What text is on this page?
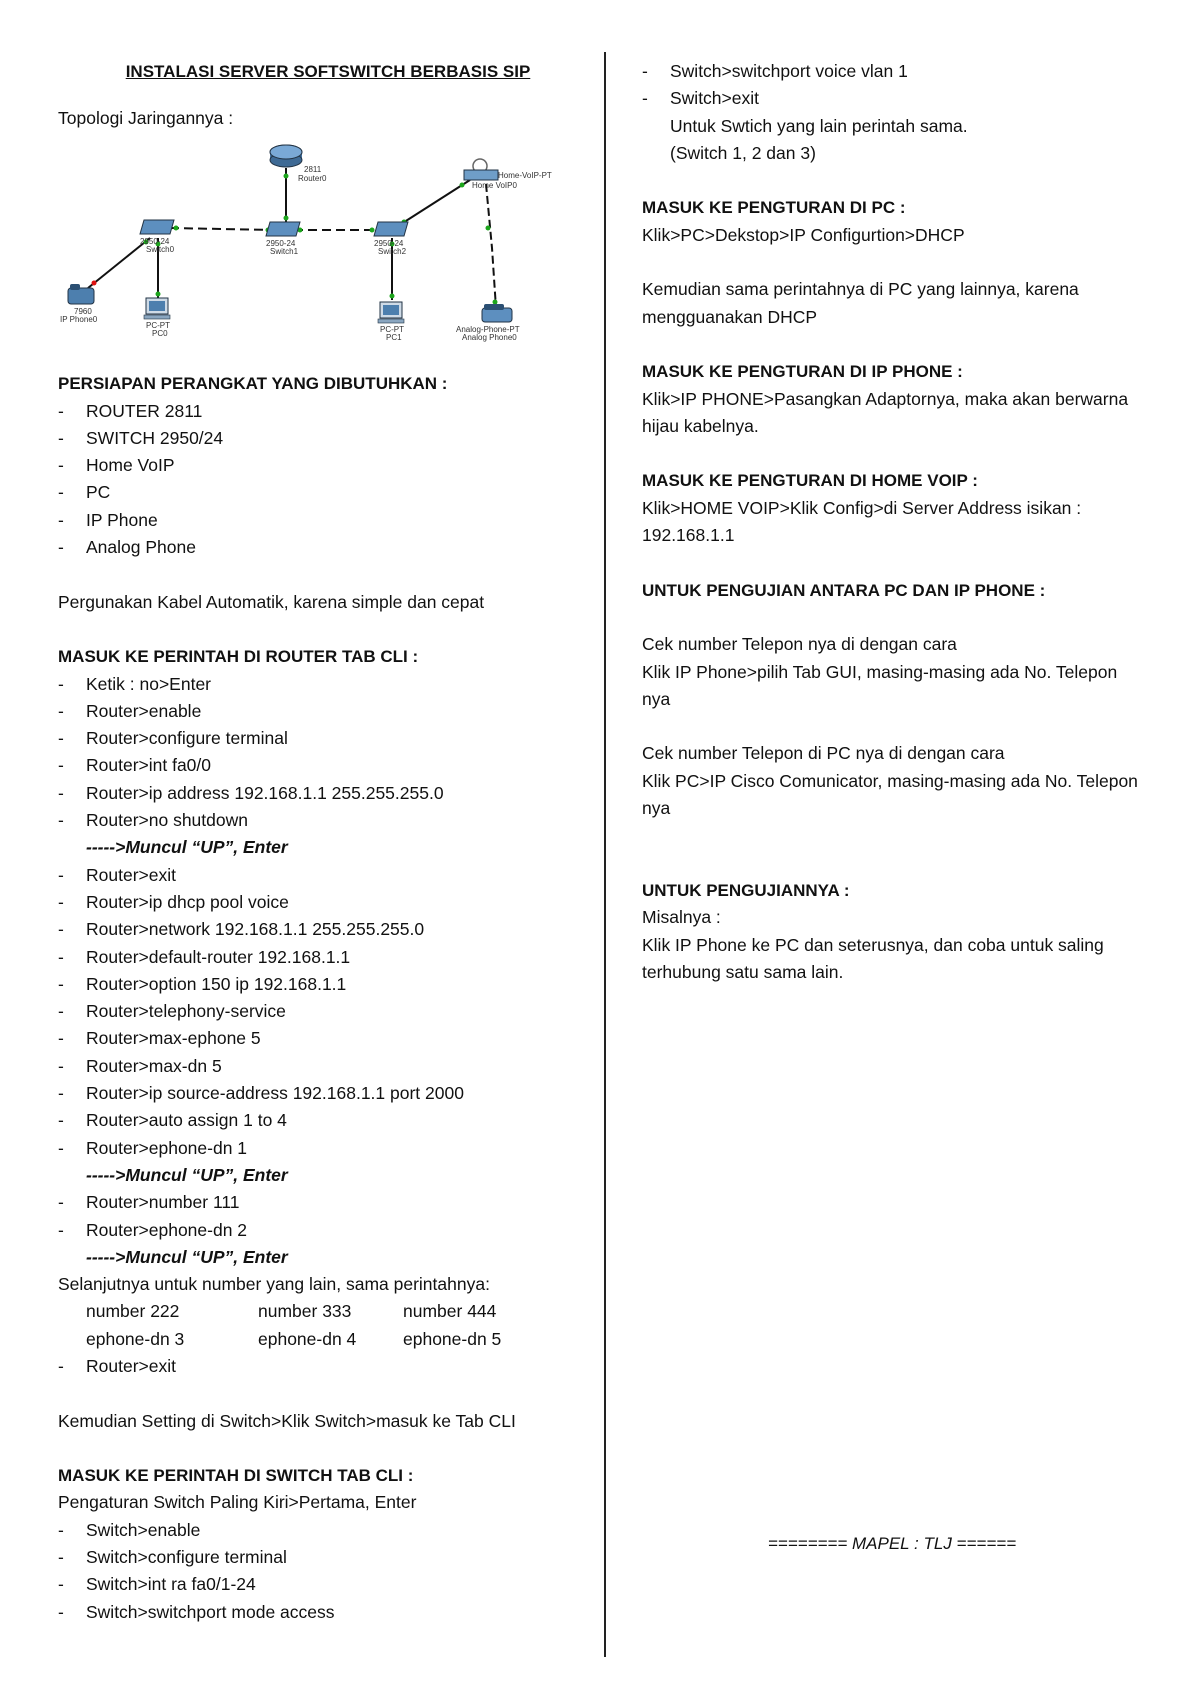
INSTALASI SERVER SOFTSWITCH BERBASIS SIP
Topologi Jaringannya :
2811
Router0
2950-24
Switch0
2950-24
Switch1
2950-24
Switch2
Home-VoIP-PT
Home VoIP0
7960
IP Phone0
PC-PT
PC0	PC-PT
PC1
Analog-Phone-PT
Analog Phone0
PERSIAPAN PERANGKAT YANG DIBUTUHKAN :
-	ROUTER 2811
-	SWITCH 2950/24
-	Home VoIP
-	PC
-	IP Phone
-	Analog Phone
Pergunakan Kabel Automatik, karena simple dan cepat
MASUK KE PERINTAH DI ROUTER TAB CLI :
-	Ketik : no>Enter
-	Router>enable
-	Router>configure terminal
-	Router>int fa0/0
-	Router>ip address 192.168.1.1 255.255.255.0
-	Router>no shutdown
----->Muncul “UP”, Enter
-	Router>exit
-	Router>ip dhcp pool voice
-	Router>network 192.168.1.1 255.255.255.0
-	Router>default-router 192.168.1.1
-	Router>option 150 ip 192.168.1.1
-	Router>telephony-service
-	Router>max-ephone 5
-	Router>max-dn 5
-	Router>ip source-address 192.168.1.1 port 2000
-	Router>auto assign 1 to 4
-	Router>ephone-dn 1
----->Muncul “UP”, Enter
-	Router>number 111
-	Router>ephone-dn 2
----->Muncul “UP”, Enter
Selanjutnya untuk number yang lain, sama perintahnya:
number 222	number 333	number 444
ephone-dn 3	ephone-dn 4	ephone-dn 5
-	Router>exit
Kemudian Setting di Switch>Klik Switch>masuk ke Tab CLI
MASUK KE PERINTAH DI SWITCH TAB CLI :
Pengaturan Switch Paling Kiri>Pertama, Enter
-	Switch>enable
-	Switch>configure terminal
-	Switch>int ra fa0/1-24
-	Switch>switchport mode access
-	Switch>switchport voice vlan 1
-	Switch>exit
Untuk Swtich yang lain perintah sama.
(Switch 1, 2 dan 3)
MASUK KE PENGTURAN DI PC :
Klik>PC>Dekstop>IP Configurtion>DHCP
Kemudian sama perintahnya di PC yang lainnya, karena mengguanakan DHCP
MASUK KE PENGTURAN DI IP PHONE :
Klik>IP PHONE>Pasangkan Adaptornya, maka akan berwarna hijau kabelnya.
MASUK KE PENGTURAN DI HOME VOIP :
Klik>HOME VOIP>Klik Config>di Server Address isikan : 192.168.1.1
UNTUK PENGUJIAN ANTARA PC DAN IP PHONE :
Cek number Telepon nya di dengan cara
Klik IP Phone>pilih Tab GUI, masing-masing ada No. Telepon nya
Cek number Telepon di PC nya di dengan cara
Klik PC>IP Cisco Comunicator, masing-masing ada No. Telepon nya
UNTUK PENGUJIANNYA :
Misalnya :
Klik IP Phone ke PC dan seterusnya, dan coba untuk saling terhubung satu sama lain.
======== MAPEL : TLJ ======
